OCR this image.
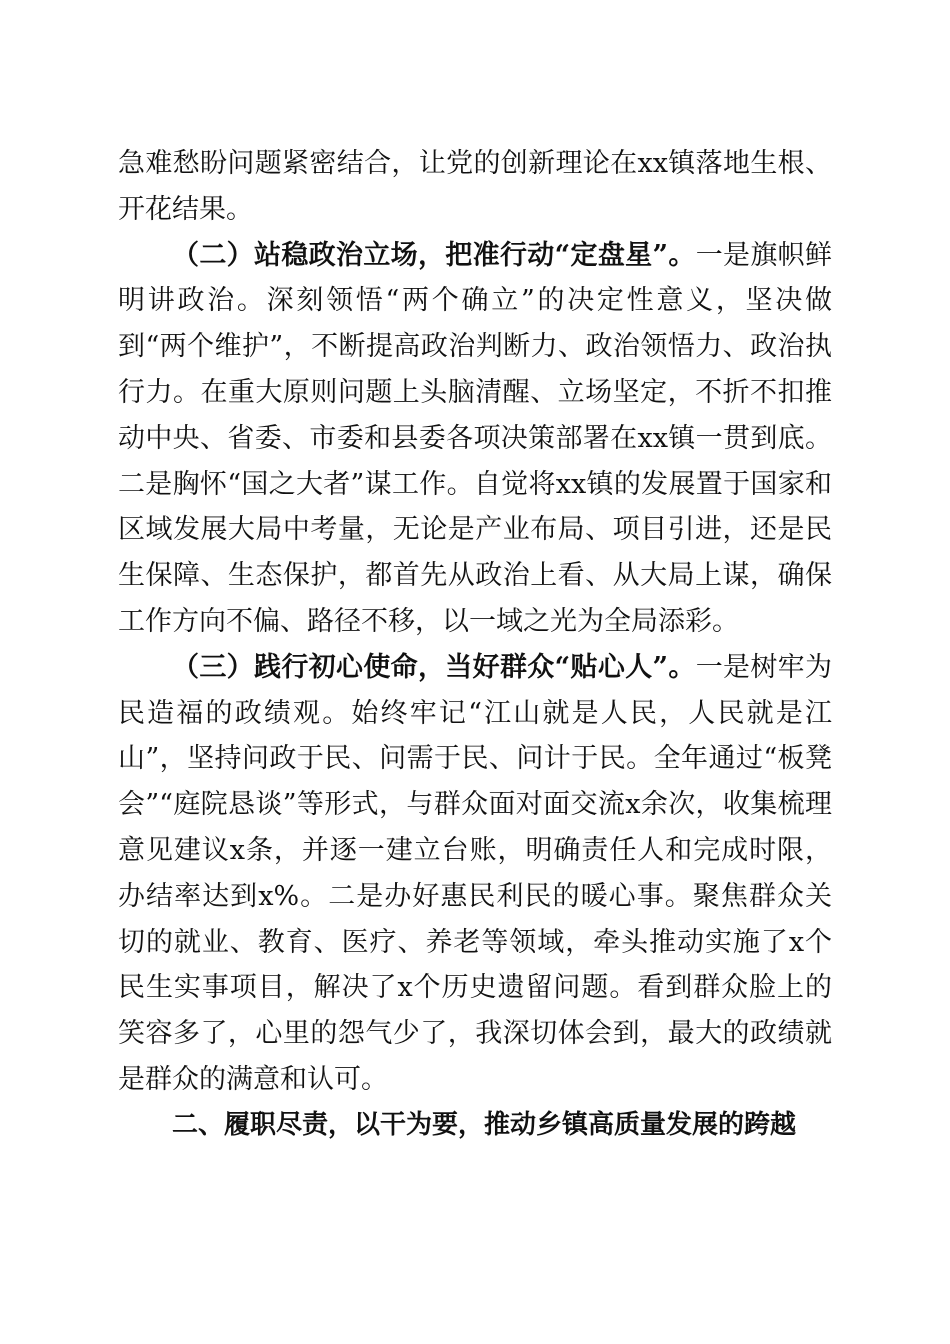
急难愁盼问题紧密结合，让党的创新理论在xx镇落地生根、开花结果。

（二）站稳政治立场，把准行动“定盘星”。一是旗帜鲜明讲政治。深刻领悟“两个确立”的决定性意义，坚决做到“两个维护”，不断提高政治判断力、政治领悟力、政治执行力。在重大原则问题上头脑清醒、立场坚定，不折不扣推动中央、省委、市委和县委各项决策部署在xx镇一贯到底。二是胸怀“国之大者”谋工作。自觉将xx镇的发展置于国家和区域发展大局中考量，无论是产业布局、项目引进，还是民生保障、生态保护，都首先从政治上看、从大局上谋，确保工作方向不偏、路径不移，以一域之光为全局添彩。

（三）践行初心使命，当好群众“贴心人”。一是树牢为民造福的政绩观。始终牢记“江山就是人民，人民就是江山”，坚持问政于民、问需于民、问计于民。全年通过“板凳会”“庭院恳谈”等形式，与群众面对面交流x余次，收集梳理意见建议x条，并逐一建立台账，明确责任人和完成时限，办结率达到x%。二是办好惠民利民的暖心事。聚焦群众关切的就业、教育、医疗、养老等领域，牵头推动实施了x个民生实事项目，解决了x个历史遗留问题。看到群众脸上的笑容多了，心里的怨气少了，我深切体会到，最大的政绩就是群众的满意和认可。

二、履职尽责，以干为要，推动乡镇高质量发展的跨越
